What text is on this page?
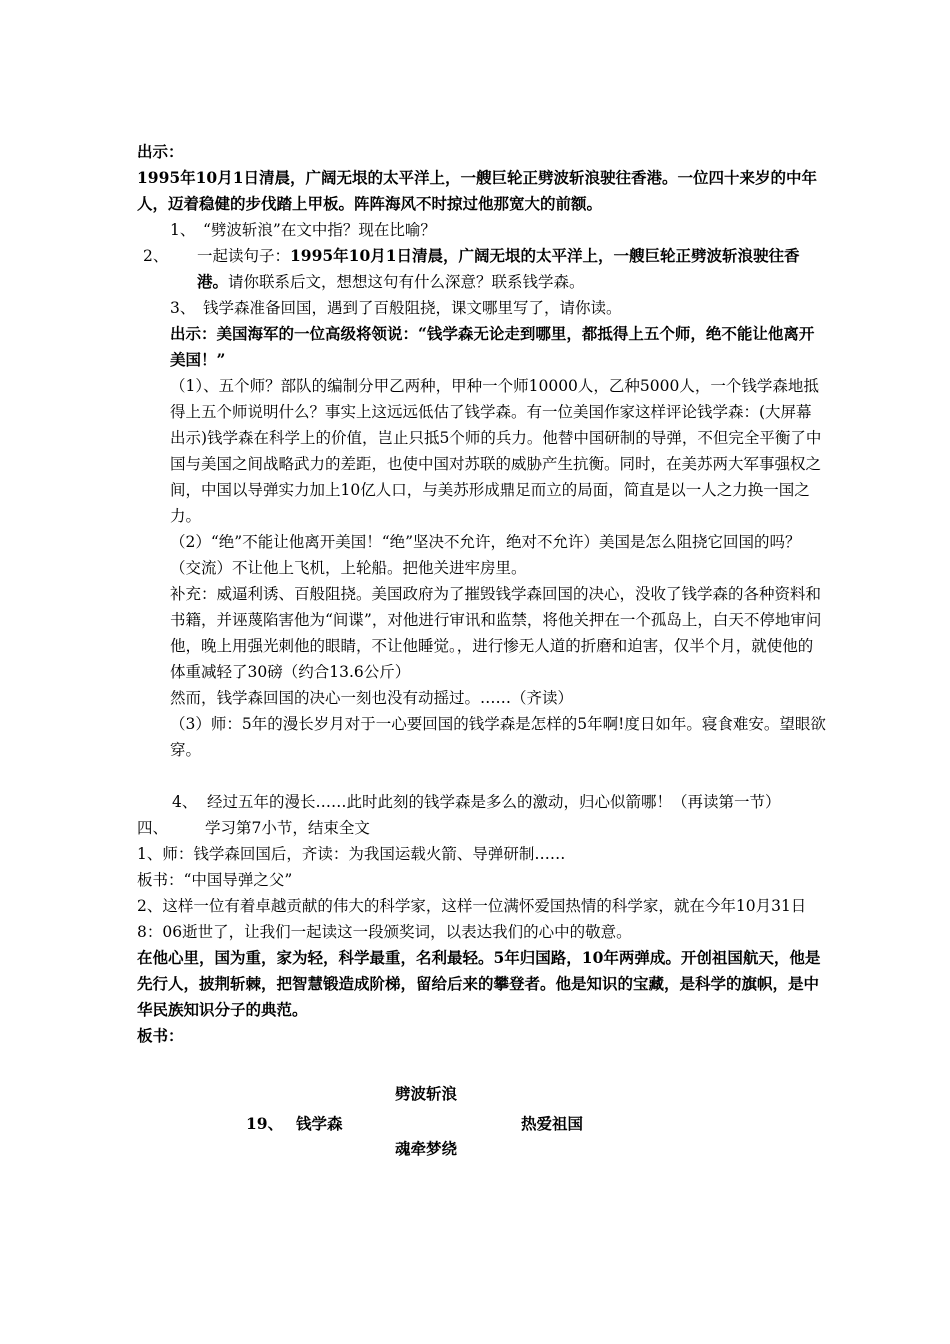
出示：

1995年10月1日清晨，广阔无垠的太平洋上，一艘巨轮正劈波斩浪驶往香港。一位四十来岁的中年人，迈着稳健的步伐踏上甲板。阵阵海风不时掠过他那宽大的前额。

1、 “劈波斩浪”在文中指？现在比喻？

2、 一起读句子：1995年10月1日清晨，广阔无垠的太平洋上，一艘巨轮正劈波斩浪驶往香港。请你联系后文，想想这句有什么深意？联系钱学森。

3、 钱学森准备回国，遇到了百般阻挠，课文哪里写了，请你读。

出示：美国海军的一位高级将领说：“钱学森无论走到哪里，都抵得上五个师，绝不能让他离开美国！”

（1）、五个师？部队的编制分甲乙两种，甲种一个师10000人，乙种5000人，一个钱学森地抵得上五个师说明什么？事实上这远远低估了钱学森。有一位美国作家这样评论钱学森：(大屏幕出示)钱学森在科学上的价值，岂止只抵5个师的兵力。他替中国研制的导弹，不但完全平衡了中国与美国之间战略武力的差距，也使中国对苏联的威胁产生抗衡。同时，在美苏两大军事强权之间，中国以导弹实力加上10亿人口，与美苏形成鼎足而立的局面，简直是以一人之力换一国之力。

（2）“绝”不能让他离开美国！“绝”坚决不允许，绝对不允许）美国是怎么阻挠它回国的吗？

（交流）不让他上飞机，上轮船。把他关进牢房里。

补充：威逼利诱、百般阻挠。美国政府为了摧毁钱学森回国的决心，没收了钱学森的各种资料和书籍，并诬蔑陷害他为“间谍”，对他进行审讯和监禁，将他关押在一个孤岛上，白天不停地审问他，晚上用强光刺他的眼睛，不让他睡觉。，进行惨无人道的折磨和迫害，仅半个月，就使他的体重减轻了30磅（约合13.6公斤）

然而，钱学森回国的决心一刻也没有动摇过。……（齐读）

（3）师：5年的漫长岁月对于一心要回国的钱学森是怎样的5年啊!度日如年。寝食难安。望眼欲穿。

4、 经过五年的漫长……此时此刻的钱学森是多么的激动，归心似箭哪！（再读第一节）

四、	学习第7小节，结束全文

1、师：钱学森回国后，齐读：为我国运载火箭、导弹研制……

板书：“中国导弹之父”

2、这样一位有着卓越贡献的伟大的科学家，这样一位满怀爱国热情的科学家，就在今年10月31日8：06逝世了，让我们一起读这一段颁奖词，以表达我们的心中的敬意。

在他心里，国为重，家为轻，科学最重，名利最轻。5年归国路，10年两弹成。开创祖国航天，他是先行人，披荆斩棘，把智慧锻造成阶梯，留给后来的攀登者。他是知识的宝藏，是科学的旗帜，是中华民族知识分子的典范。

板书：

劈波斩浪
19、 钱学森	热爱祖国
魂牵梦绕
